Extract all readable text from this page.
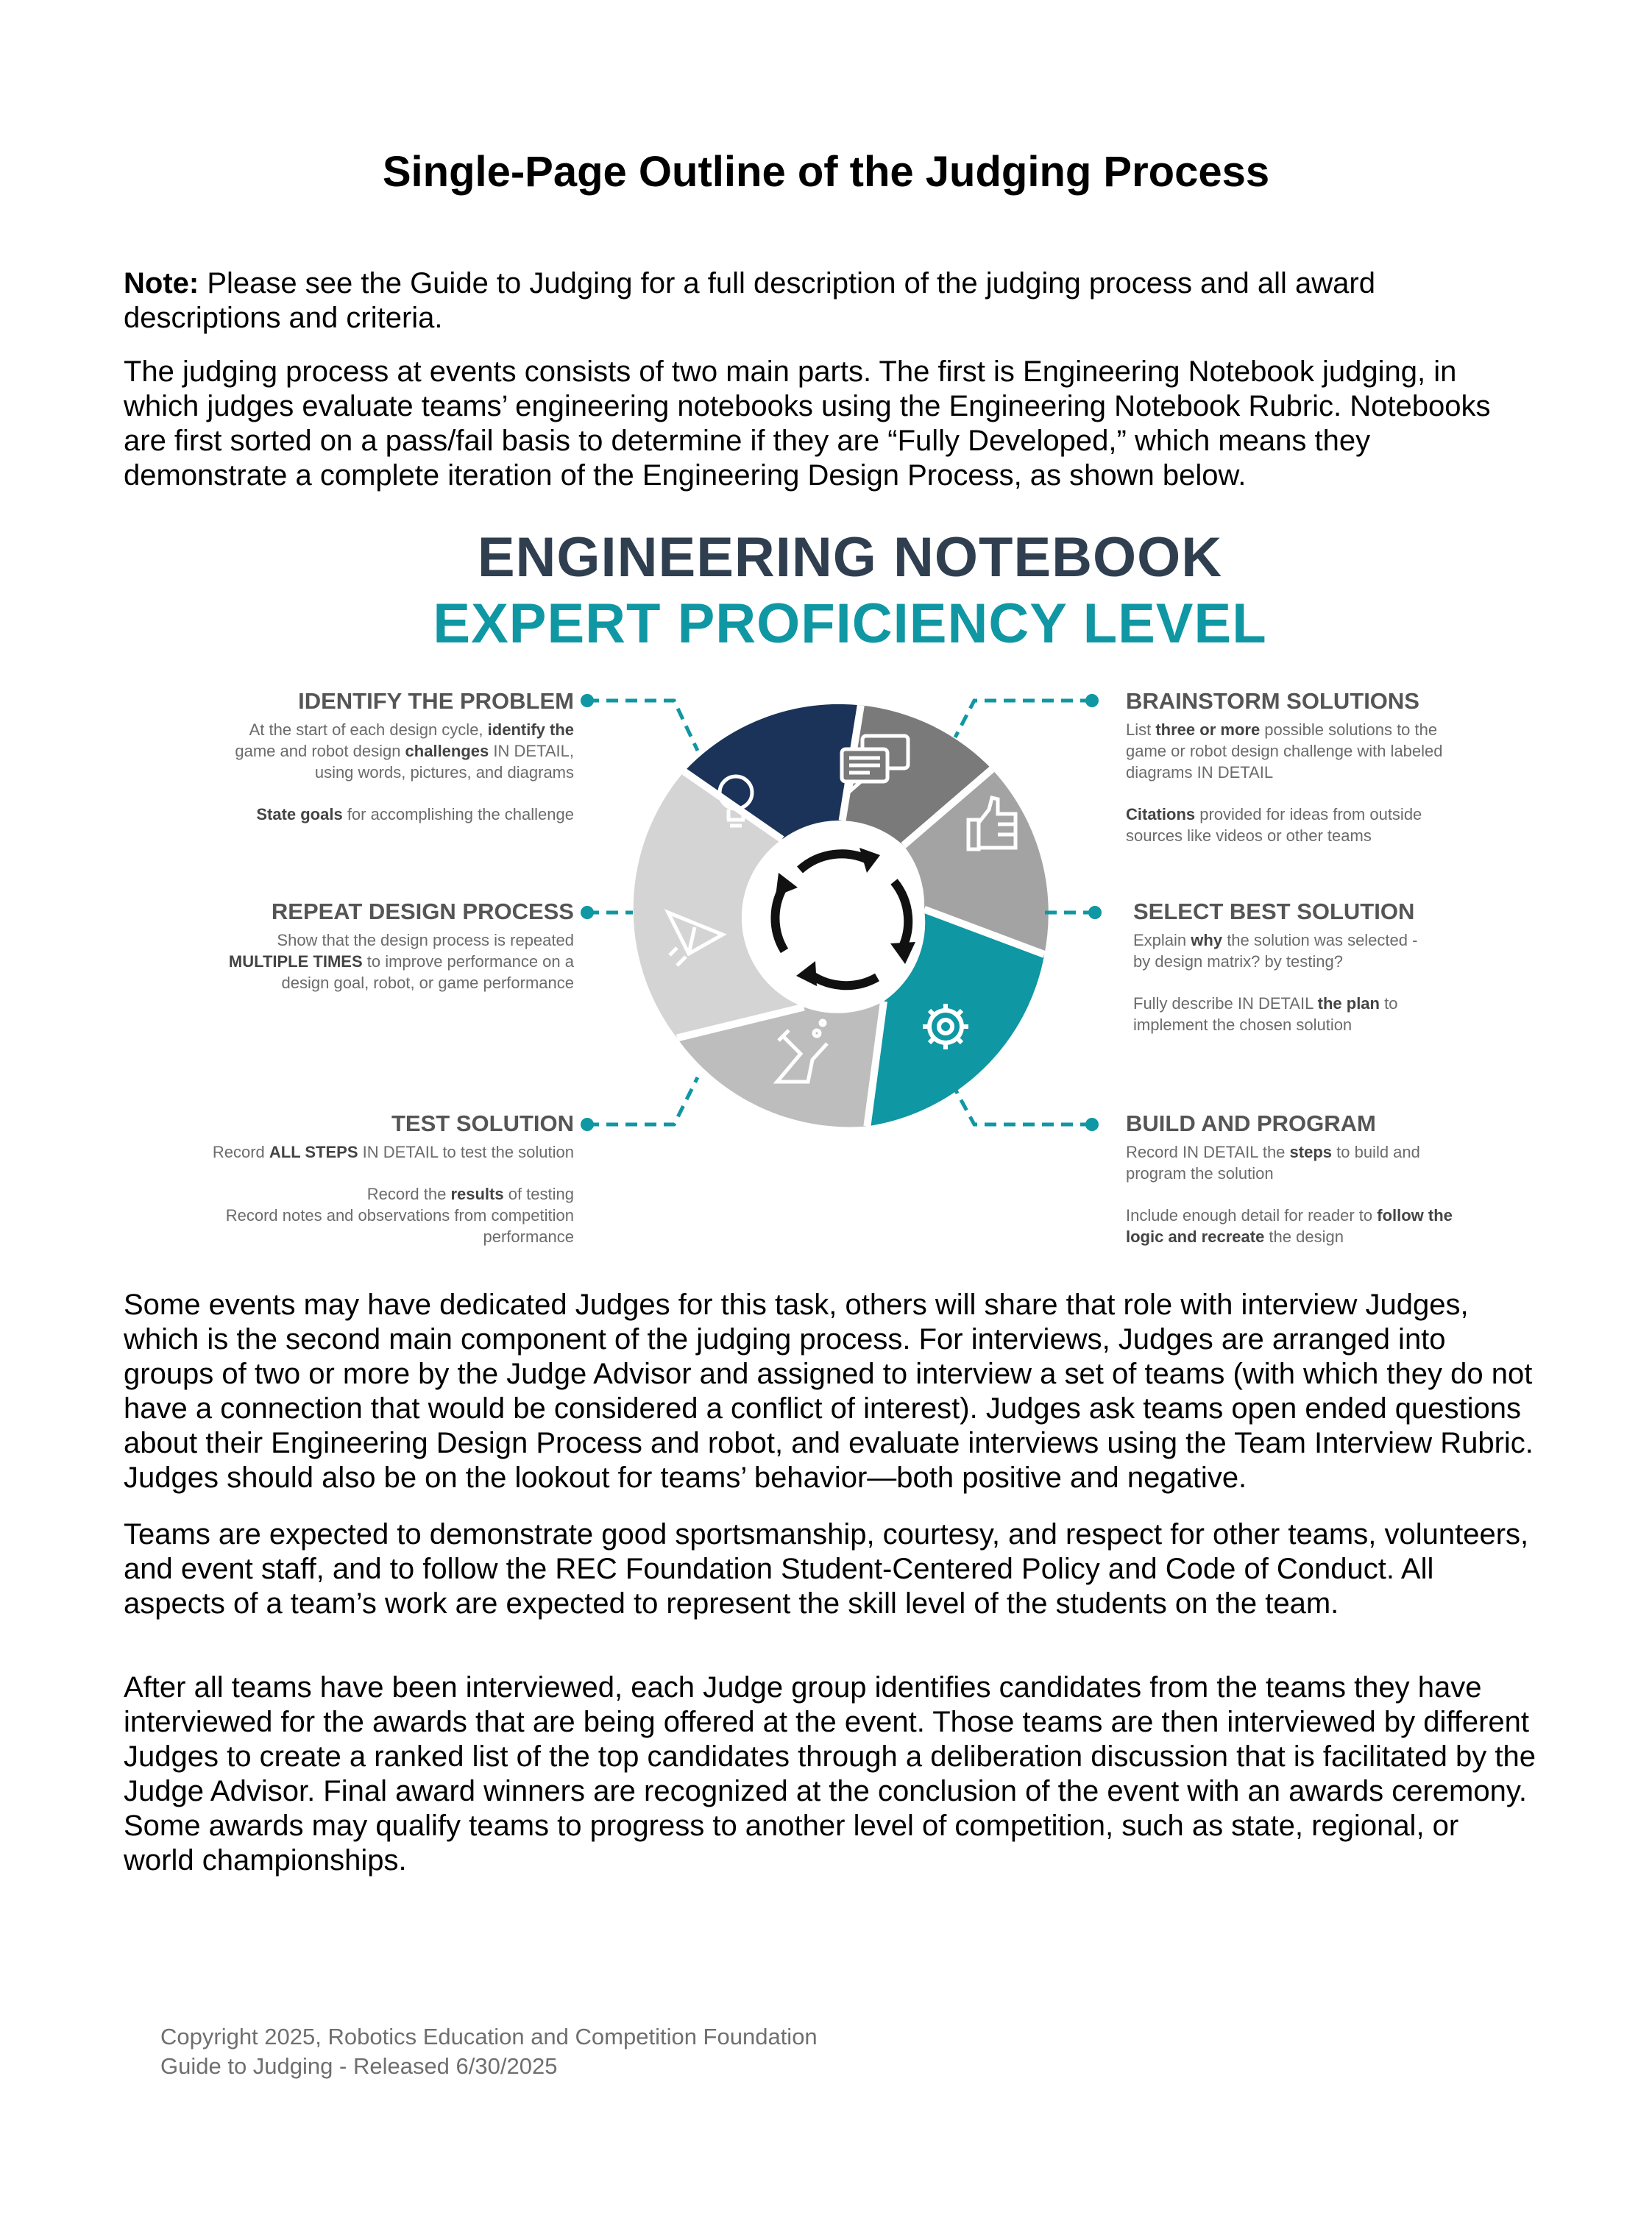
Single-Page Outline of the Judging Process

Note: Please see the Guide to Judging for a full description of the judging process and all award descriptions and criteria.

The judging process at events consists of two main parts. The first is Engineering Notebook judging, in which judges evaluate teams’ engineering notebooks using the Engineering Notebook Rubric. Notebooks are first sorted on a pass/fail basis to determine if they are “Fully Developed,” which means they demonstrate a complete iteration of the Engineering Design Process, as shown below.

ENGINEERING NOTEBOOK
EXPERT PROFICIENCY LEVEL
IDENTIFY THE PROBLEM

At the start of each design cycle, identify the
game and robot design challenges IN DETAIL,
using words, pictures, and diagrams

State goals for accomplishing the challenge

BRAINSTORM SOLUTIONS

List three or more possible solutions to the
game or robot design challenge with labeled
diagrams IN DETAIL

Citations provided for ideas from outside
sources like videos or other teams

REPEAT DESIGN PROCESS

Show that the design process is repeated
MULTIPLE TIMES to improve performance on a
design goal, robot, or game performance

SELECT BEST SOLUTION

Explain why the solution was selected -
by design matrix? by testing?

Fully describe IN DETAIL the plan to
implement the chosen solution

TEST SOLUTION

Record ALL STEPS IN DETAIL to test the solution

Record the results of testing
Record notes and observations from competition
performance

BUILD AND PROGRAM

Record IN DETAIL the steps to build and
program the solution

Include enough detail for reader to follow the
logic and recreate the design

Some events may have dedicated Judges for this task, others will share that role with interview Judges, which is the second main component of the judging process. For interviews, Judges are arranged into groups of two or more by the Judge Advisor and assigned to interview a set of teams (with which they do not have a connection that would be considered a conflict of interest). Judges ask teams open ended questions about their Engineering Design Process and robot, and evaluate interviews using the Team Interview Rubric. Judges should also be on the lookout for teams’ behavior—both positive and negative.

Teams are expected to demonstrate good sportsmanship, courtesy, and respect for other teams, volunteers, and event staff, and to follow the REC Foundation Student-Centered Policy and Code of Conduct. All aspects of a team’s work are expected to represent the skill level of the students on the team.

After all teams have been interviewed, each Judge group identifies candidates from the teams they have interviewed for the awards that are being offered at the event. Those teams are then interviewed by different Judges to create a ranked list of the top candidates through a deliberation discussion that is facilitated by the Judge Advisor. Final award winners are recognized at the conclusion of the event with an awards ceremony. Some awards may qualify teams to progress to another level of competition, such as state, regional, or world championships.

Copyright 2025, Robotics Education and Competition Foundation
Guide to Judging - Released 6/30/2025
